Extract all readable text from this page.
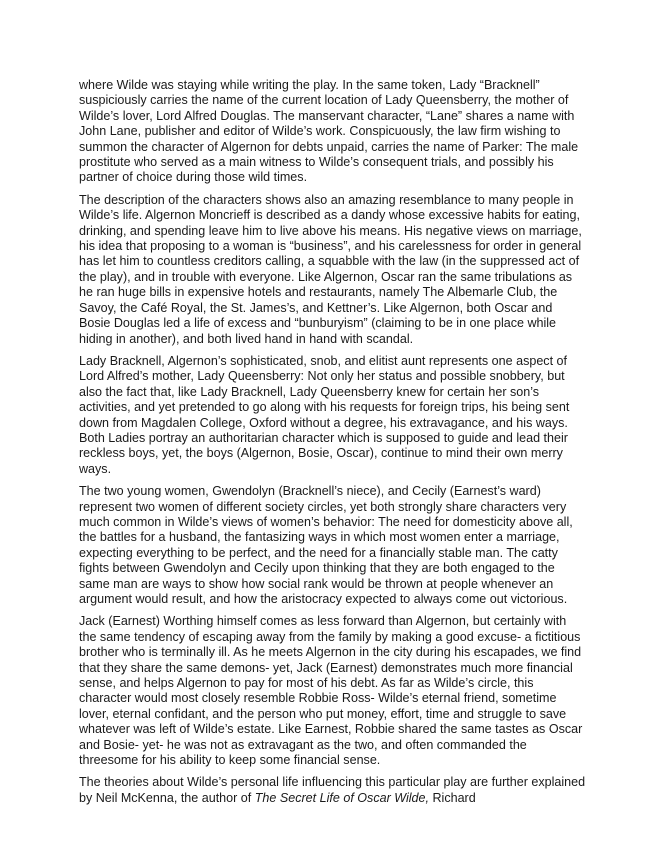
where Wilde was staying while writing the play. In the same token, Lady “Bracknell” suspiciously carries the name of the current location of Lady Queensberry, the mother of Wilde’s lover, Lord Alfred Douglas. The manservant character, “Lane” shares a name with John Lane, publisher and editor of Wilde’s work. Conspicuously, the law firm wishing to summon the character of Algernon for debts unpaid, carries the name of Parker: The male prostitute who served as a main witness to Wilde’s consequent trials, and possibly his partner of choice during those wild times.

The description of the characters shows also an amazing resemblance to many people in Wilde’s life. Algernon Moncrieff is described as a dandy whose excessive habits for eating, drinking, and spending leave him to live above his means. His negative views on marriage, his idea that proposing to a woman is “business”, and his carelessness for order in general has let him to countless creditors calling, a squabble with the law (in the suppressed act of the play), and in trouble with everyone. Like Algernon, Oscar ran the same tribulations as he ran huge bills in expensive hotels and restaurants, namely The Albemarle Club, the Savoy, the Café Royal, the St. James’s, and Kettner’s. Like Algernon, both Oscar and Bosie Douglas led a life of excess and “bunburyism” (claiming to be in one place while hiding in another), and both lived hand in hand with scandal.

Lady Bracknell, Algernon’s sophisticated, snob, and elitist aunt represents one aspect of Lord Alfred’s mother, Lady Queensberry: Not only her status and possible snobbery, but also the fact that, like Lady Bracknell, Lady Queensberry knew for certain her son’s activities, and yet pretended to go along with his requests for foreign trips, his being sent down from Magdalen College, Oxford without a degree, his extravagance, and his ways. Both Ladies portray an authoritarian character which is supposed to guide and lead their reckless boys, yet, the boys (Algernon, Bosie, Oscar), continue to mind their own merry ways.

The two young women, Gwendolyn (Bracknell’s niece), and Cecily (Earnest’s ward) represent two women of different society circles, yet both strongly share characters very much common in Wilde’s views of women’s behavior: The need for domesticity above all, the battles for a husband, the fantasizing ways in which most women enter a marriage, expecting everything to be perfect, and the need for a financially stable man. The catty fights between Gwendolyn and Cecily upon thinking that they are both engaged to the same man are ways to show how social rank would be thrown at people whenever an argument would result, and how the aristocracy expected to always come out victorious.

Jack (Earnest) Worthing himself comes as less forward than Algernon, but certainly with the same tendency of escaping away from the family by making a good excuse- a fictitious brother who is terminally ill. As he meets Algernon in the city during his escapades, we find that they share the same demons- yet, Jack (Earnest) demonstrates much more financial sense, and helps Algernon to pay for most of his debt. As far as Wilde’s circle, this character would most closely resemble Robbie Ross- Wilde’s eternal friend, sometime lover, eternal confidant, and the person who put money, effort, time and struggle to save whatever was left of Wilde’s estate. Like Earnest, Robbie shared the same tastes as Oscar and Bosie- yet- he was not as extravagant as the two, and often commanded the threesome for his ability to keep some financial sense.

The theories about Wilde’s personal life influencing this particular play are further explained by Neil McKenna, the author of The Secret Life of Oscar Wilde, Richard
